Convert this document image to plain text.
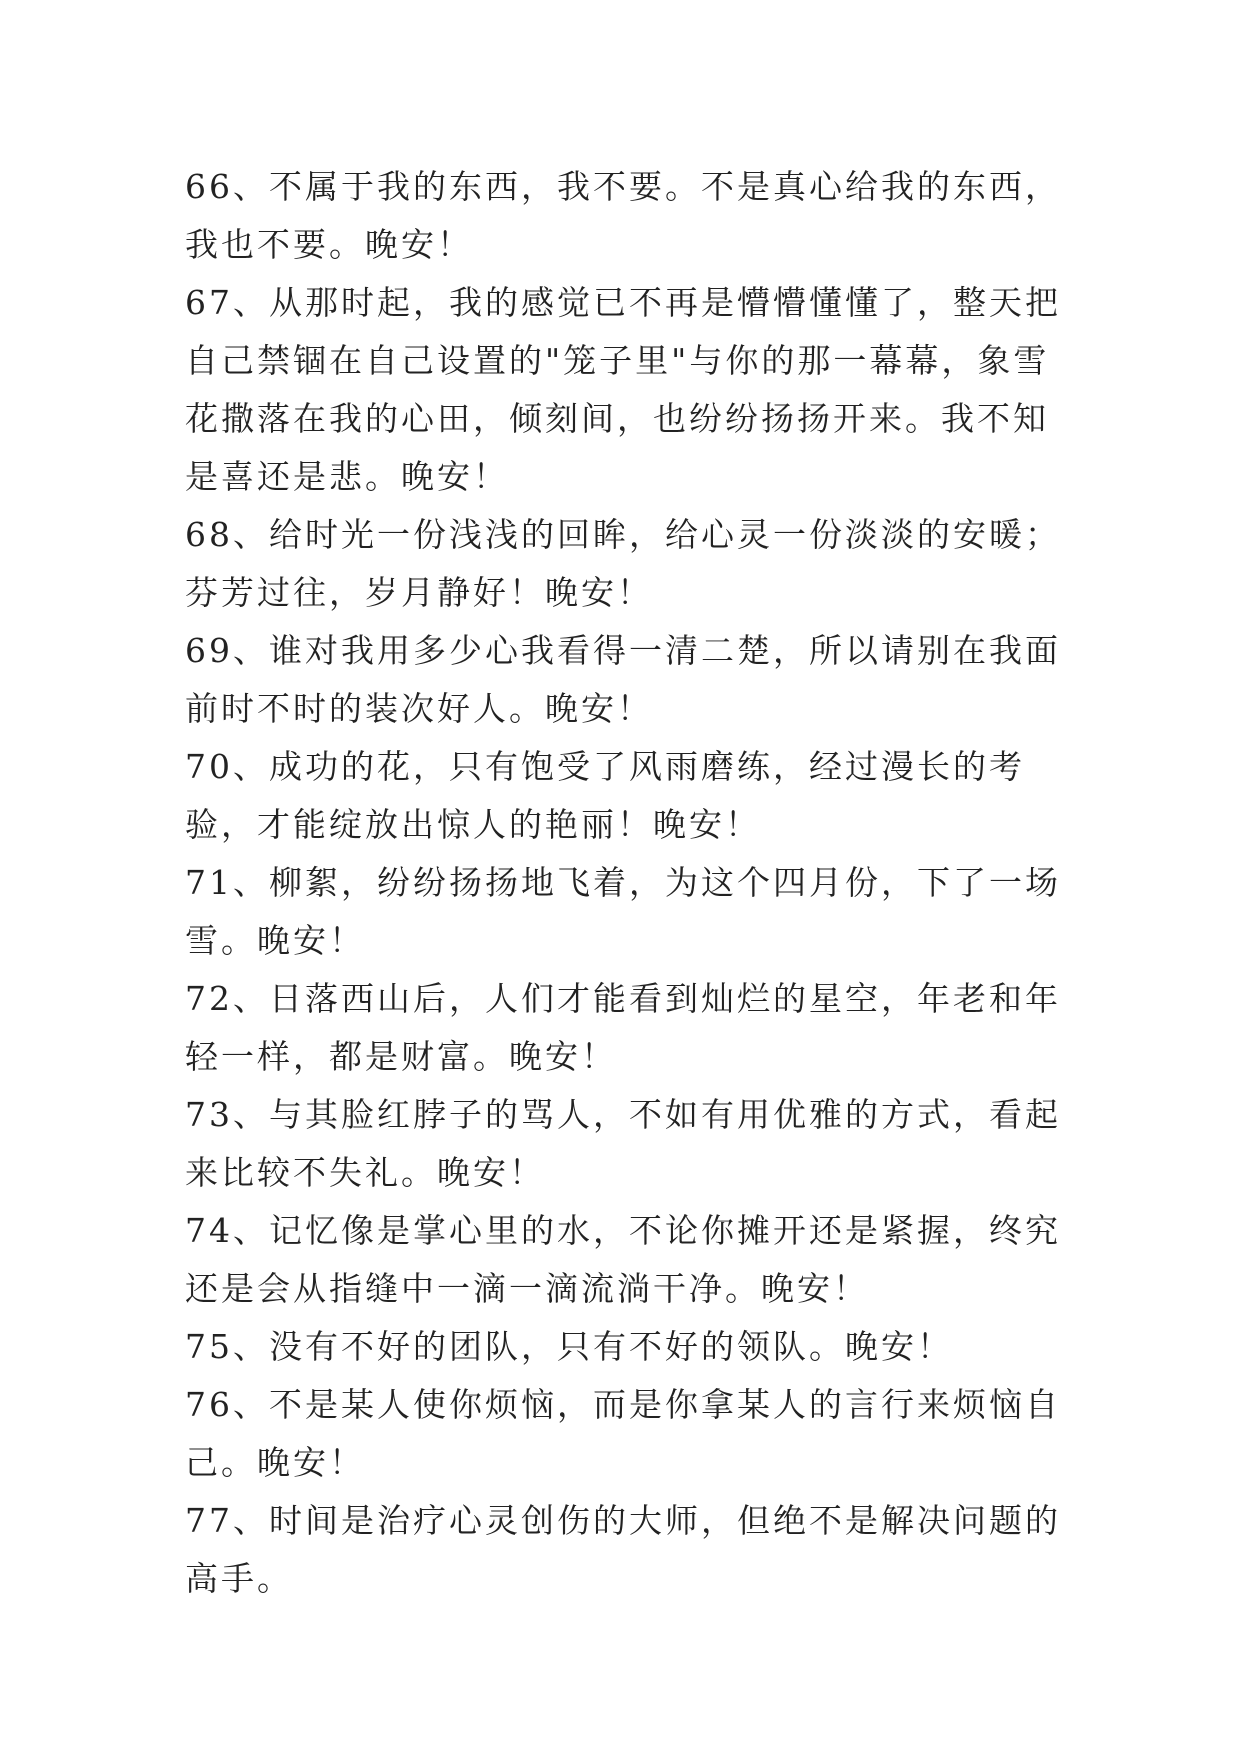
66、不属于我的东西，我不要。不是真心给我的东西，我也不要。晚安！

67、从那时起，我的感觉已不再是懵懵懂懂了，整天把自己禁锢在自己设置的"笼子里"与你的那一幕幕，象雪花撒落在我的心田，倾刻间，也纷纷扬扬开来。我不知是喜还是悲。晚安！

68、给时光一份浅浅的回眸，给心灵一份淡淡的安暖；芬芳过往，岁月静好！晚安！

69、谁对我用多少心我看得一清二楚，所以请别在我面前时不时的装次好人。晚安！

70、成功的花，只有饱受了风雨磨练，经过漫长的考验，才能绽放出惊人的艳丽！晚安！

71、柳絮，纷纷扬扬地飞着，为这个四月份，下了一场雪。晚安！

72、日落西山后，人们才能看到灿烂的星空，年老和年轻一样，都是财富。晚安！

73、与其脸红脖子的骂人，不如有用优雅的方式，看起来比较不失礼。晚安！

74、记忆像是掌心里的水，不论你摊开还是紧握，终究还是会从指缝中一滴一滴流淌干净。晚安！

75、没有不好的团队，只有不好的领队。晚安！

76、不是某人使你烦恼，而是你拿某人的言行来烦恼自己。晚安！

77、时间是治疗心灵创伤的大师，但绝不是解决问题的高手。
